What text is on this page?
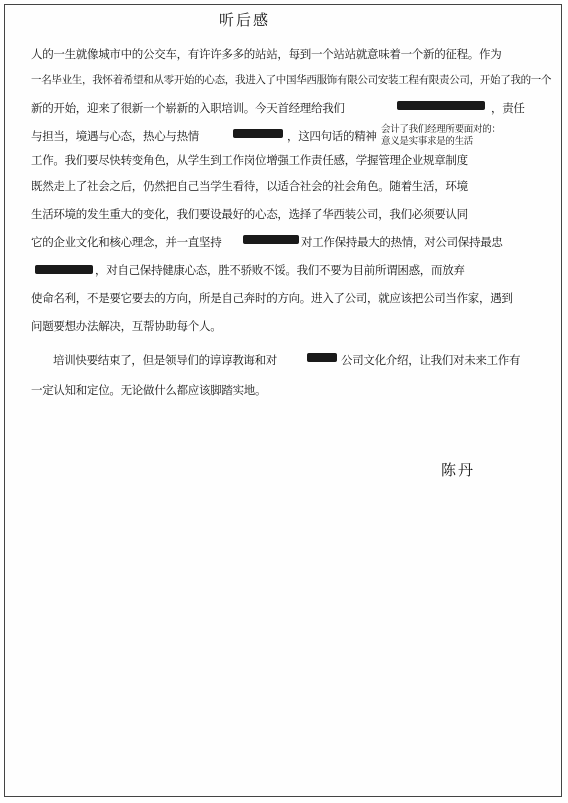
听后感
人的一生就像城市中的公交车，有许许多多的站站，每到一个站站就意味着一个新的征程。作为
一名毕业生，我怀着希望和从零开始的心态，我进入了中国华西服饰有限公司安装工程有限责公司，开始了我的一个
新的开始，迎来了很新一个崭新的入职培训。今天首经理给我们	，责任
与担当，境遇与心态，热心与热情	，这四句话的精神 会计了我们经理所要面对的：
意义是实事求是的生活
工作。我们要尽快转变角色，从学生到工作岗位增强工作责任感，学握管理企业规章制度
既然走上了社会之后，仍然把自己当学生看待，以适合社会的社会角色。随着生活，环境
生活环境的发生重大的变化，我们要设最好的心态，选择了华西装公司，我们必须要认同
它的企业文化和核心理念，并一直坚持	对工作保持最大的热情，对公司保持最忠
，对自己保持健康心态，胜不骄败不馁。我们不要为目前所谓困惑，而放弃
使命名利，不是要它要去的方向，所是自己奔时的方向。进入了公司，就应该把公司当作家，遇到
问题要想办法解决，互帮协助每个人。
培训快要结束了，但是领导们的谆谆教诲和对	公司文化介绍，让我们对未来工作有
一定认知和定位。无论做什么都应该脚踏实地。
陈丹
